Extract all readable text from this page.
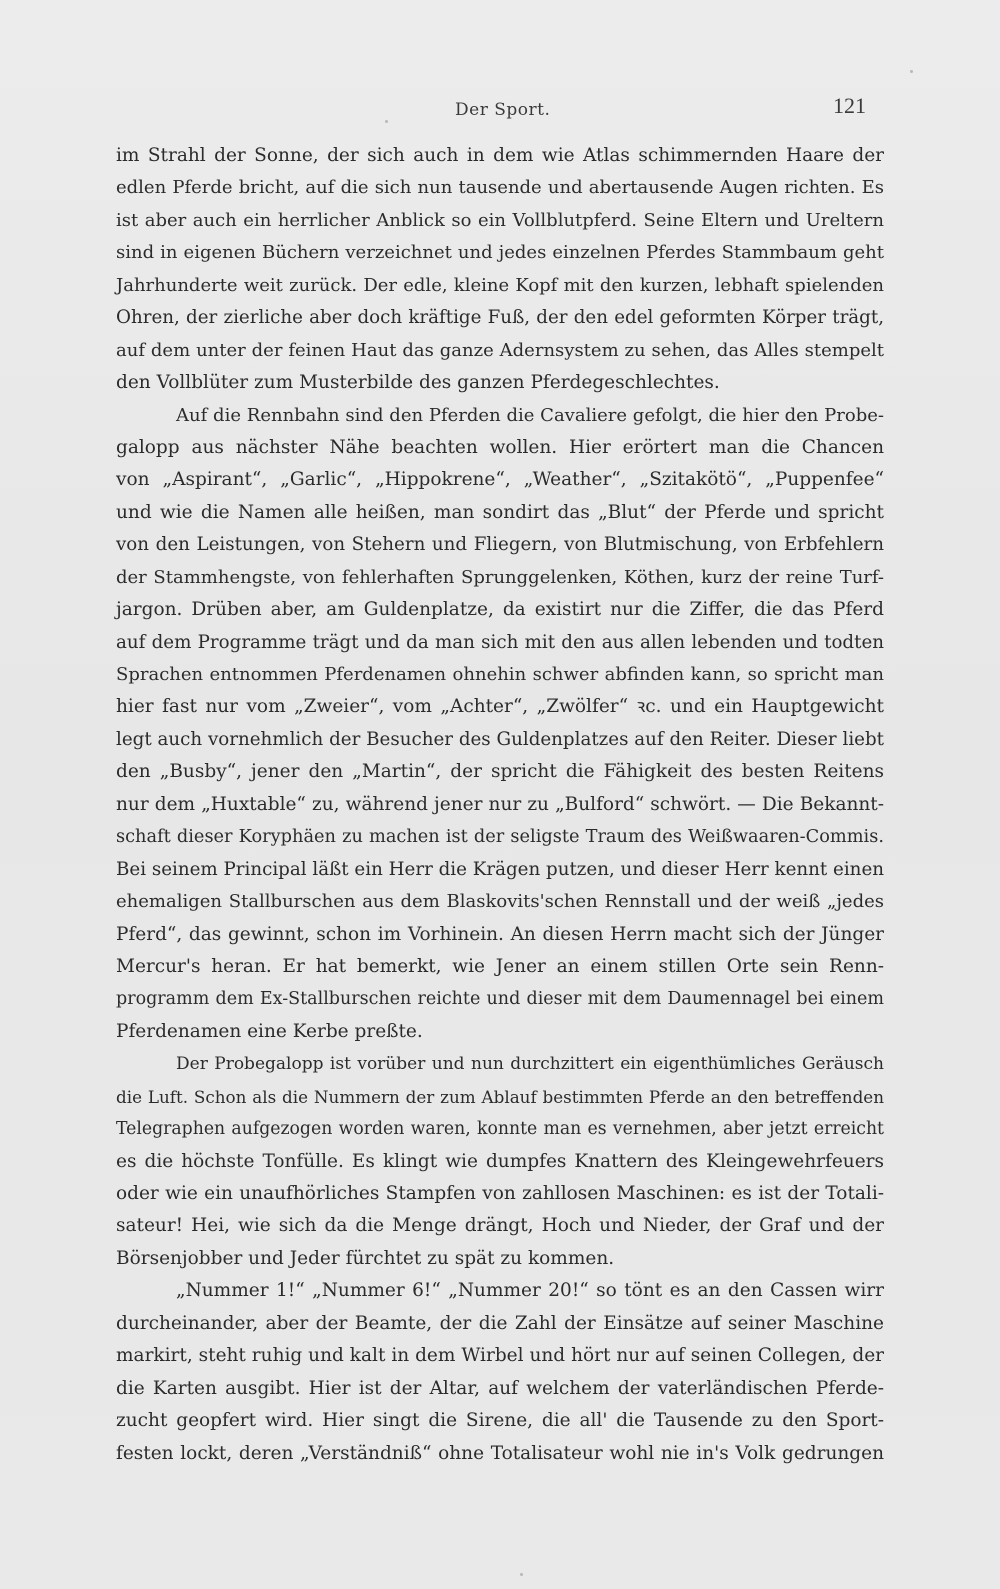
Der Sport.	121
im Strahl der Sonne, der sich auch in dem wie Atlas schimmernden Haare der
edlen Pferde bricht, auf die sich nun tausende und abertausende Augen richten. Es
ist aber auch ein herrlicher Anblick so ein Vollblutpferd. Seine Eltern und Ureltern
sind in eigenen Büchern verzeichnet und jedes einzelnen Pferdes Stammbaum geht
Jahrhunderte weit zurück. Der edle, kleine Kopf mit den kurzen, lebhaft spielenden
Ohren, der zierliche aber doch kräftige Fuß, der den edel geformten Körper trägt,
auf dem unter der feinen Haut das ganze Adernsystem zu sehen, das Alles stempelt
den Vollblüter zum Musterbilde des ganzen Pferdegeschlechtes.
Auf die Rennbahn sind den Pferden die Cavaliere gefolgt, die hier den Probe-
galopp aus nächster Nähe beachten wollen. Hier erörtert man die Chancen
von „Aspirant“, „Garlic“, „Hippokrene“, „Weather“, „Szitakötö“, „Puppenfee“
und wie die Namen alle heißen, man sondirt das „Blut“ der Pferde und spricht
von den Leistungen, von Stehern und Fliegern, von Blutmischung, von Erbfehlern
der Stammhengste, von fehlerhaften Sprunggelenken, Köthen, kurz der reine Turf-
jargon. Drüben aber, am Guldenplatze, da existirt nur die Ziffer, die das Pferd
auf dem Programme trägt und da man sich mit den aus allen lebenden und todten
Sprachen entnommen Pferdenamen ohnehin schwer abfinden kann, so spricht man
hier fast nur vom „Zweier“, vom „Achter“, „Zwölfer“ ꝛc. und ein Hauptgewicht
legt auch vornehmlich der Besucher des Guldenplatzes auf den Reiter. Dieser liebt
den „Busby“, jener den „Martin“, der spricht die Fähigkeit des besten Reitens
nur dem „Huxtable“ zu, während jener nur zu „Bulford“ schwört. — Die Bekannt-
schaft dieser Koryphäen zu machen ist der seligste Traum des Weißwaaren-Commis.
Bei seinem Principal läßt ein Herr die Krägen putzen, und dieser Herr kennt einen
ehemaligen Stallburschen aus dem Blaskovits'schen Rennstall und der weiß „jedes
Pferd“, das gewinnt, schon im Vorhinein. An diesen Herrn macht sich der Jünger
Mercur's heran. Er hat bemerkt, wie Jener an einem stillen Orte sein Renn-
programm dem Ex-Stallburschen reichte und dieser mit dem Daumennagel bei einem
Pferdenamen eine Kerbe preßte.
Der Probegalopp ist vorüber und nun durchzittert ein eigenthümliches Geräusch
die Luft. Schon als die Nummern der zum Ablauf bestimmten Pferde an den betreffenden
Telegraphen aufgezogen worden waren, konnte man es vernehmen, aber jetzt erreicht
es die höchste Tonfülle. Es klingt wie dumpfes Knattern des Kleingewehrfeuers
oder wie ein unaufhörliches Stampfen von zahllosen Maschinen: es ist der Totali-
sateur! Hei, wie sich da die Menge drängt, Hoch und Nieder, der Graf und der
Börsenjobber und Jeder fürchtet zu spät zu kommen.
„Nummer 1!“ „Nummer 6!“ „Nummer 20!“ so tönt es an den Cassen wirr
durcheinander, aber der Beamte, der die Zahl der Einsätze auf seiner Maschine
markirt, steht ruhig und kalt in dem Wirbel und hört nur auf seinen Collegen, der
die Karten ausgibt. Hier ist der Altar, auf welchem der vaterländischen Pferde-
zucht geopfert wird. Hier singt die Sirene, die all' die Tausende zu den Sport-
festen lockt, deren „Verständniß“ ohne Totalisateur wohl nie in's Volk gedrungen
